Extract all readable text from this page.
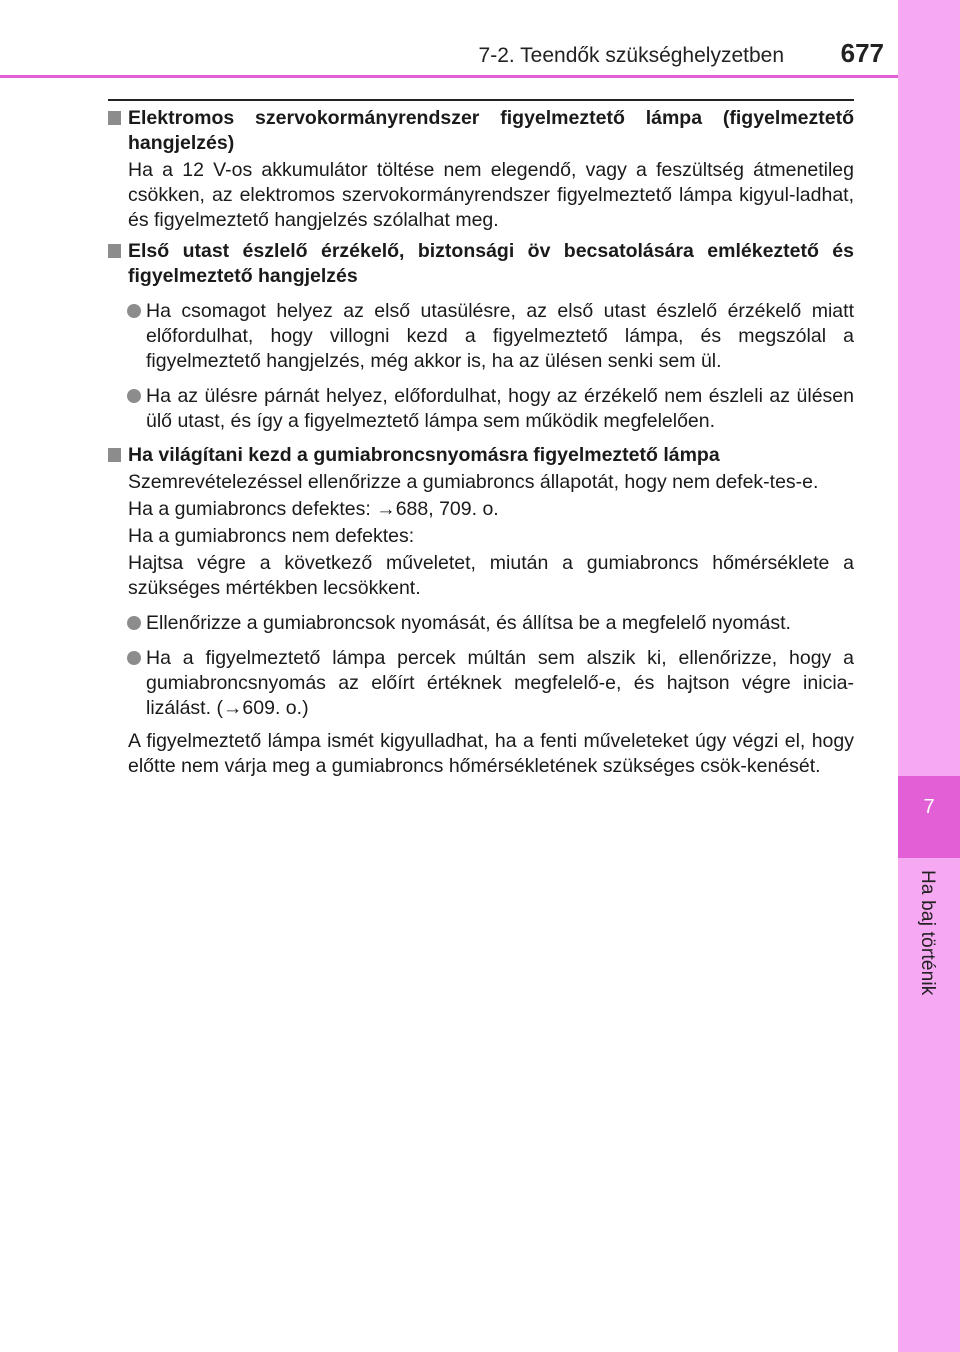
7
Ha baj történik
7-2. Teendők szükséghelyzetben	677

Elektromos szervokormányrendszer figyelmeztető lámpa (figyelmeztető hangjelzés)

Ha a 12 V-os akkumulátor töltése nem elegendő, vagy a feszültség átmenetileg csökken, az elektromos szervokormányrendszer figyelmeztető lámpa kigyul-ladhat, és figyelmeztető hangjelzés szólalhat meg.

Első utast észlelő érzékelő, biztonsági öv becsatolására emlékeztető és figyelmeztető hangjelzés

Ha csomagot helyez az első utasülésre, az első utast észlelő érzékelő miatt előfordulhat, hogy villogni kezd a figyelmeztető lámpa, és megszólal a figyelmeztető hangjelzés, még akkor is, ha az ülésen senki sem ül.

Ha az ülésre párnát helyez, előfordulhat, hogy az érzékelő nem észleli az ülésen ülő utast, és így a figyelmeztető lámpa sem működik megfelelően.

Ha világítani kezd a gumiabroncsnyomásra figyelmeztető lámpa

Szemrevételezéssel ellenőrizze a gumiabroncs állapotát, hogy nem defek-tes-e.

Ha a gumiabroncs defektes: →688, 709. o.

Ha a gumiabroncs nem defektes:

Hajtsa végre a következő műveletet, miután a gumiabroncs hőmérséklete a szükséges mértékben lecsökkent.

Ellenőrizze a gumiabroncsok nyomását, és állítsa be a megfelelő nyomást.

Ha a figyelmeztető lámpa percek múltán sem alszik ki, ellenőrizze, hogy a gumiabroncsnyomás az előírt értéknek megfelelő-e, és hajtson végre inicia-lizálást. (→609. o.)

A figyelmeztető lámpa ismét kigyulladhat, ha a fenti műveleteket úgy végzi el, hogy előtte nem várja meg a gumiabroncs hőmérsékletének szükséges csök-kenését.
